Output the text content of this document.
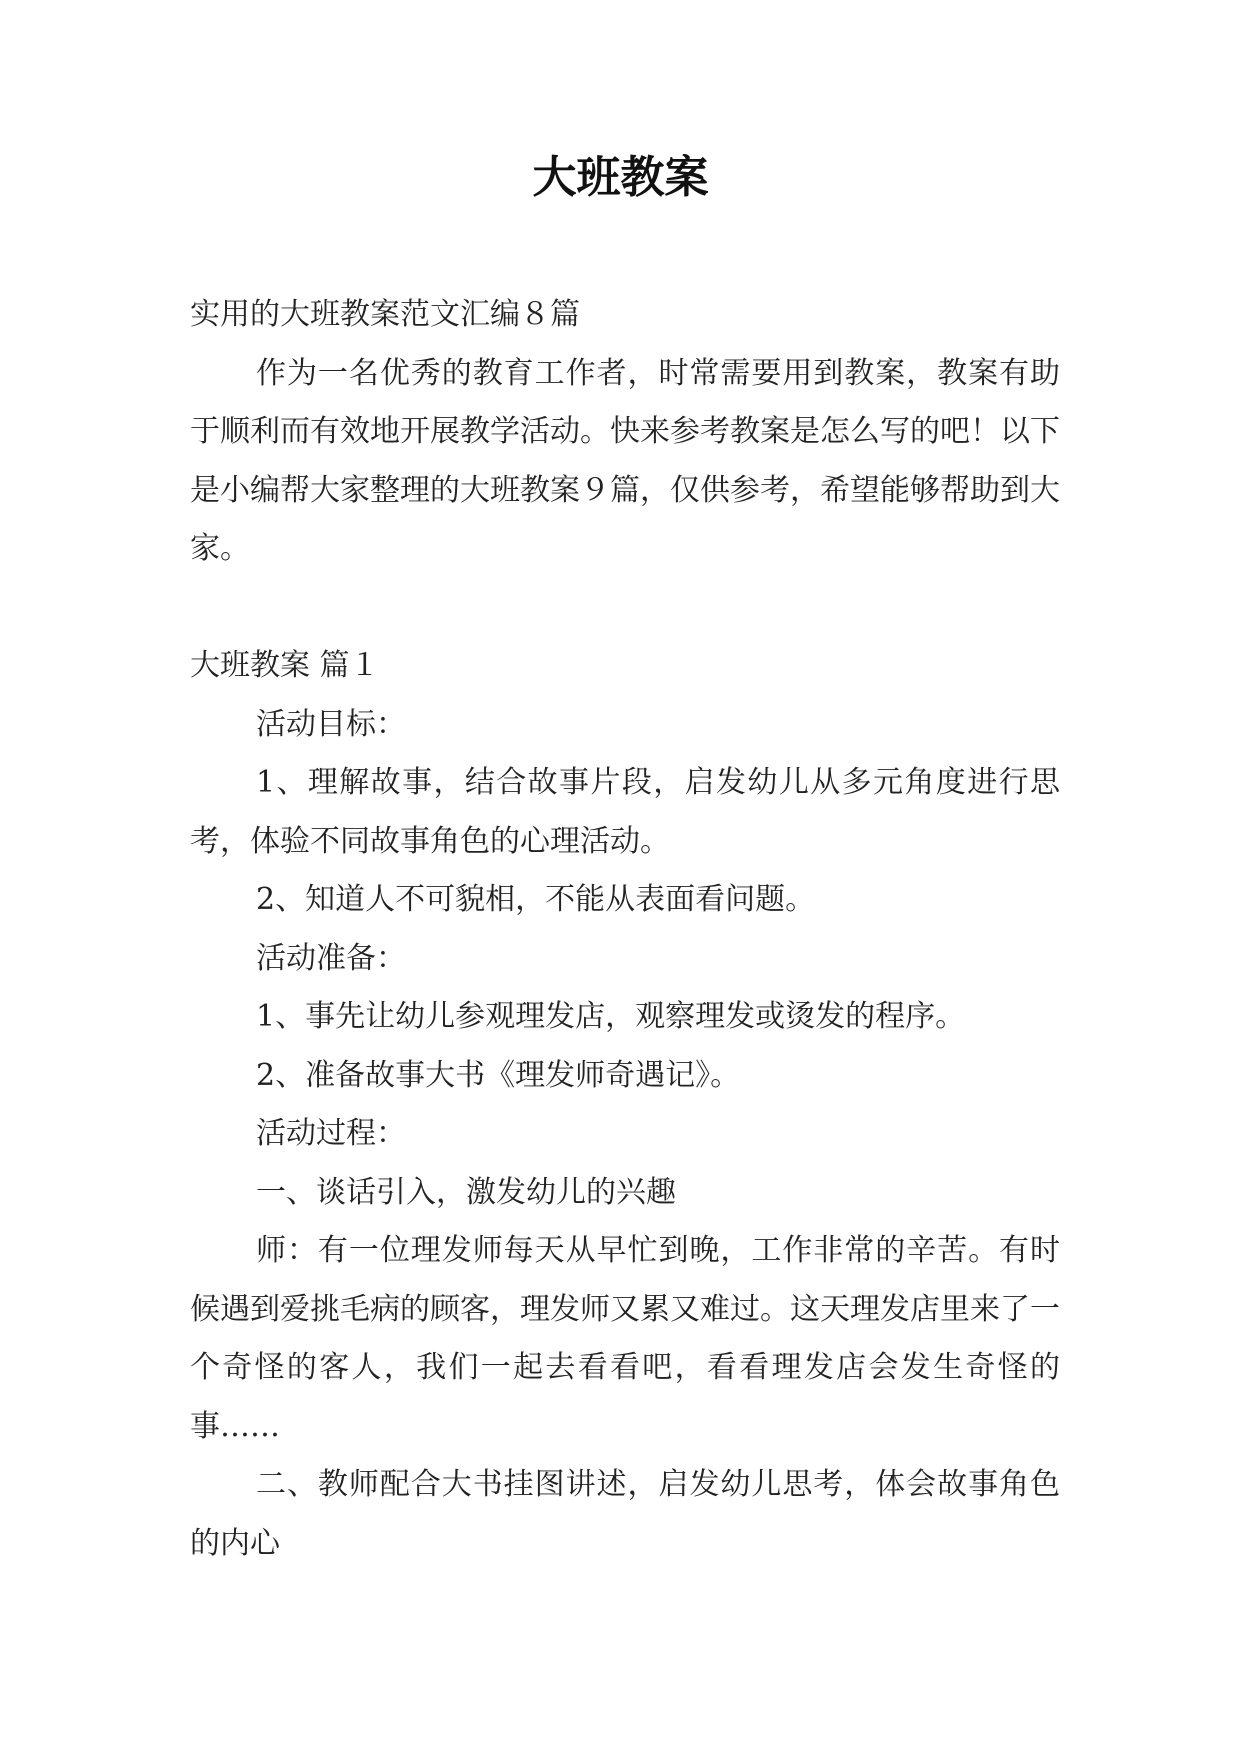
大班教案

实用的大班教案范文汇编８篇

作为一名优秀的教育工作者，时常需要用到教案，教案有助于顺利而有效地开展教学活动。快来参考教案是怎么写的吧！以下是小编帮大家整理的大班教案９篇，仅供参考，希望能够帮助到大家。

大班教案 篇１

活动目标：

1、理解故事，结合故事片段，启发幼儿从多元角度进行思考，体验不同故事角色的心理活动。

2、知道人不可貌相，不能从表面看问题。

活动准备：

1、事先让幼儿参观理发店，观察理发或烫发的程序。

2、准备故事大书《理发师奇遇记》。

活动过程：

一、谈话引入，激发幼儿的兴趣

师：有一位理发师每天从早忙到晚，工作非常的辛苦。有时候遇到爱挑毛病的顾客，理发师又累又难过。这天理发店里来了一个奇怪的客人，我们一起去看看吧，看看理发店会发生奇怪的事……

二、教师配合大书挂图讲述，启发幼儿思考，体会故事角色的内心
